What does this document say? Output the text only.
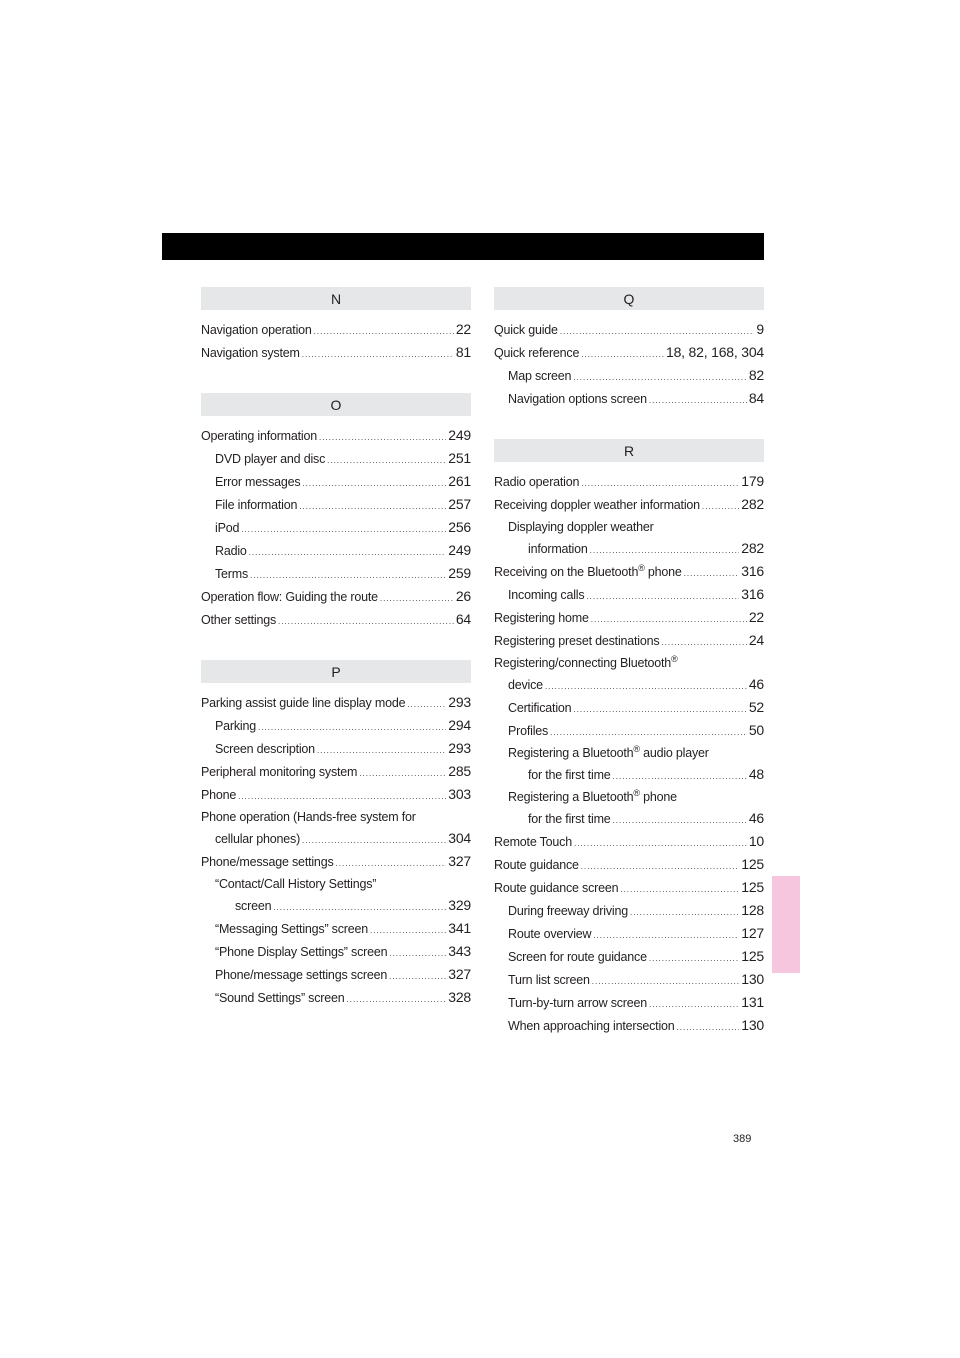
N
Navigation operation .....	22
Navigation system .....	81
O
Operating information .....	249
DVD player and disc .....	251
Error messages .....	261
File information .....	257
iPod .....	256
Radio .....	249
Terms .....	259
Operation flow: Guiding the route .....	26
Other settings .....	64
P
Parking assist guide line display mode .....	293
Parking .....	294
Screen description .....	293
Peripheral monitoring system .....	285
Phone .....	303
Phone operation (Hands-free system for
cellular phones) .....	304
Phone/message settings .....	327
“Contact/Call History Settings”
screen .....	329
“Messaging Settings” screen .....	341
“Phone Display Settings” screen .....	343
Phone/message settings screen .....	327
“Sound Settings” screen .....	328
Q
Quick guide .....	9
Quick reference .....	18, 82, 168, 304
Map screen .....	82
Navigation options screen .....	84
R
Radio operation .....	179
Receiving doppler weather information .....	282
Displaying doppler weather
information .....	282
Receiving on the Bluetooth® phone .....	316
Incoming calls .....	316
Registering home .....	22
Registering preset destinations .....	24
Registering/connecting Bluetooth®
device .....	46
Certification .....	52
Profiles .....	50
Registering a Bluetooth® audio player
for the first time .....	48
Registering a Bluetooth® phone
for the first time .....	46
Remote Touch .....	10
Route guidance .....	125
Route guidance screen .....	125
During freeway driving .....	128
Route overview .....	127
Screen for route guidance .....	125
Turn list screen .....	130
Turn-by-turn arrow screen .....	131
When approaching intersection .....	130
389
